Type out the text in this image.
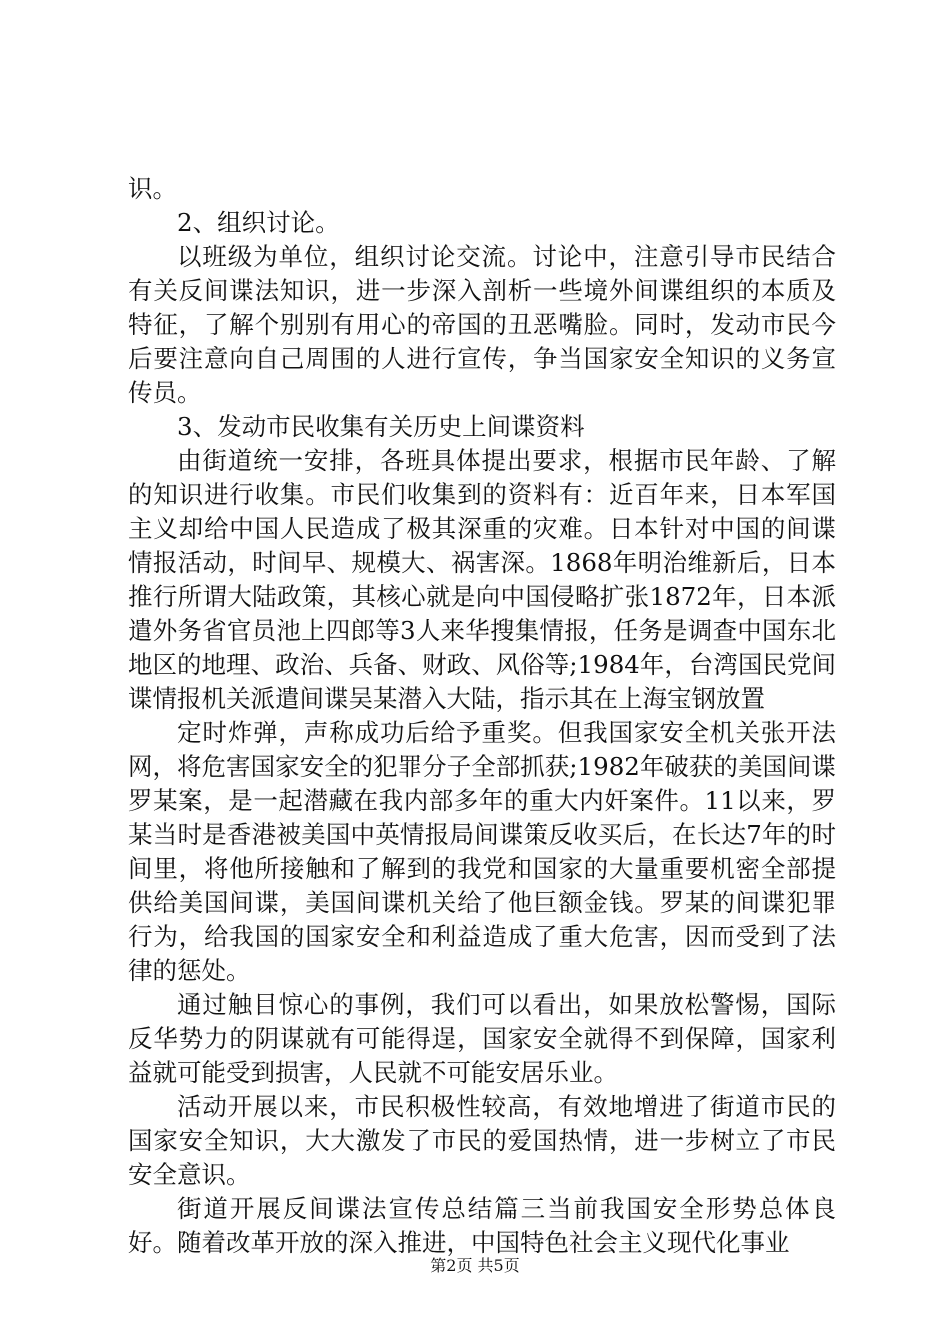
识。

2、组织讨论。

以班级为单位，组织讨论交流。讨论中，注意引导市民结合有关反间谍法知识，进一步深入剖析一些境外间谍组织的本质及特征，了解个别别有用心的帝国的丑恶嘴脸。同时，发动市民今后要注意向自己周围的人进行宣传，争当国家安全知识的义务宣传员。

3、发动市民收集有关历史上间谍资料

由街道统一安排，各班具体提出要求，根据市民年龄、了解的知识进行收集。市民们收集到的资料有：近百年来，日本军国主义却给中国人民造成了极其深重的灾难。日本针对中国的间谍情报活动，时间早、规模大、祸害深。1868年明治维新后，日本推行所谓大陆政策，其核心就是向中国侵略扩张1872年，日本派遣外务省官员池上四郎等3人来华搜集情报，任务是调查中国东北地区的地理、政治、兵备、财政、风俗等;1984年，台湾国民党间谍情报机关派遣间谍吴某潜入大陆，指示其在上海宝钢放置

定时炸弹，声称成功后给予重奖。但我国家安全机关张开法网，将危害国家安全的犯罪分子全部抓获;1982年破获的美国间谍罗某案，是一起潜藏在我内部多年的重大内奸案件。11以来，罗某当时是香港被美国中英情报局间谍策反收买后，在长达7年的时间里，将他所接触和了解到的我党和国家的大量重要机密全部提供给美国间谍，美国间谍机关给了他巨额金钱。罗某的间谍犯罪行为，给我国的国家安全和利益造成了重大危害，因而受到了法律的惩处。

通过触目惊心的事例，我们可以看出，如果放松警惕，国际反华势力的阴谋就有可能得逞，国家安全就得不到保障，国家利益就可能受到损害，人民就不可能安居乐业。

活动开展以来，市民积极性较高，有效地增进了街道市民的国家安全知识，大大激发了市民的爱国热情，进一步树立了市民安全意识。

街道开展反间谍法宣传总结篇三当前我国安全形势总体良好。随着改革开放的深入推进，中国特色社会主义现代化事业

第2页 共5页
